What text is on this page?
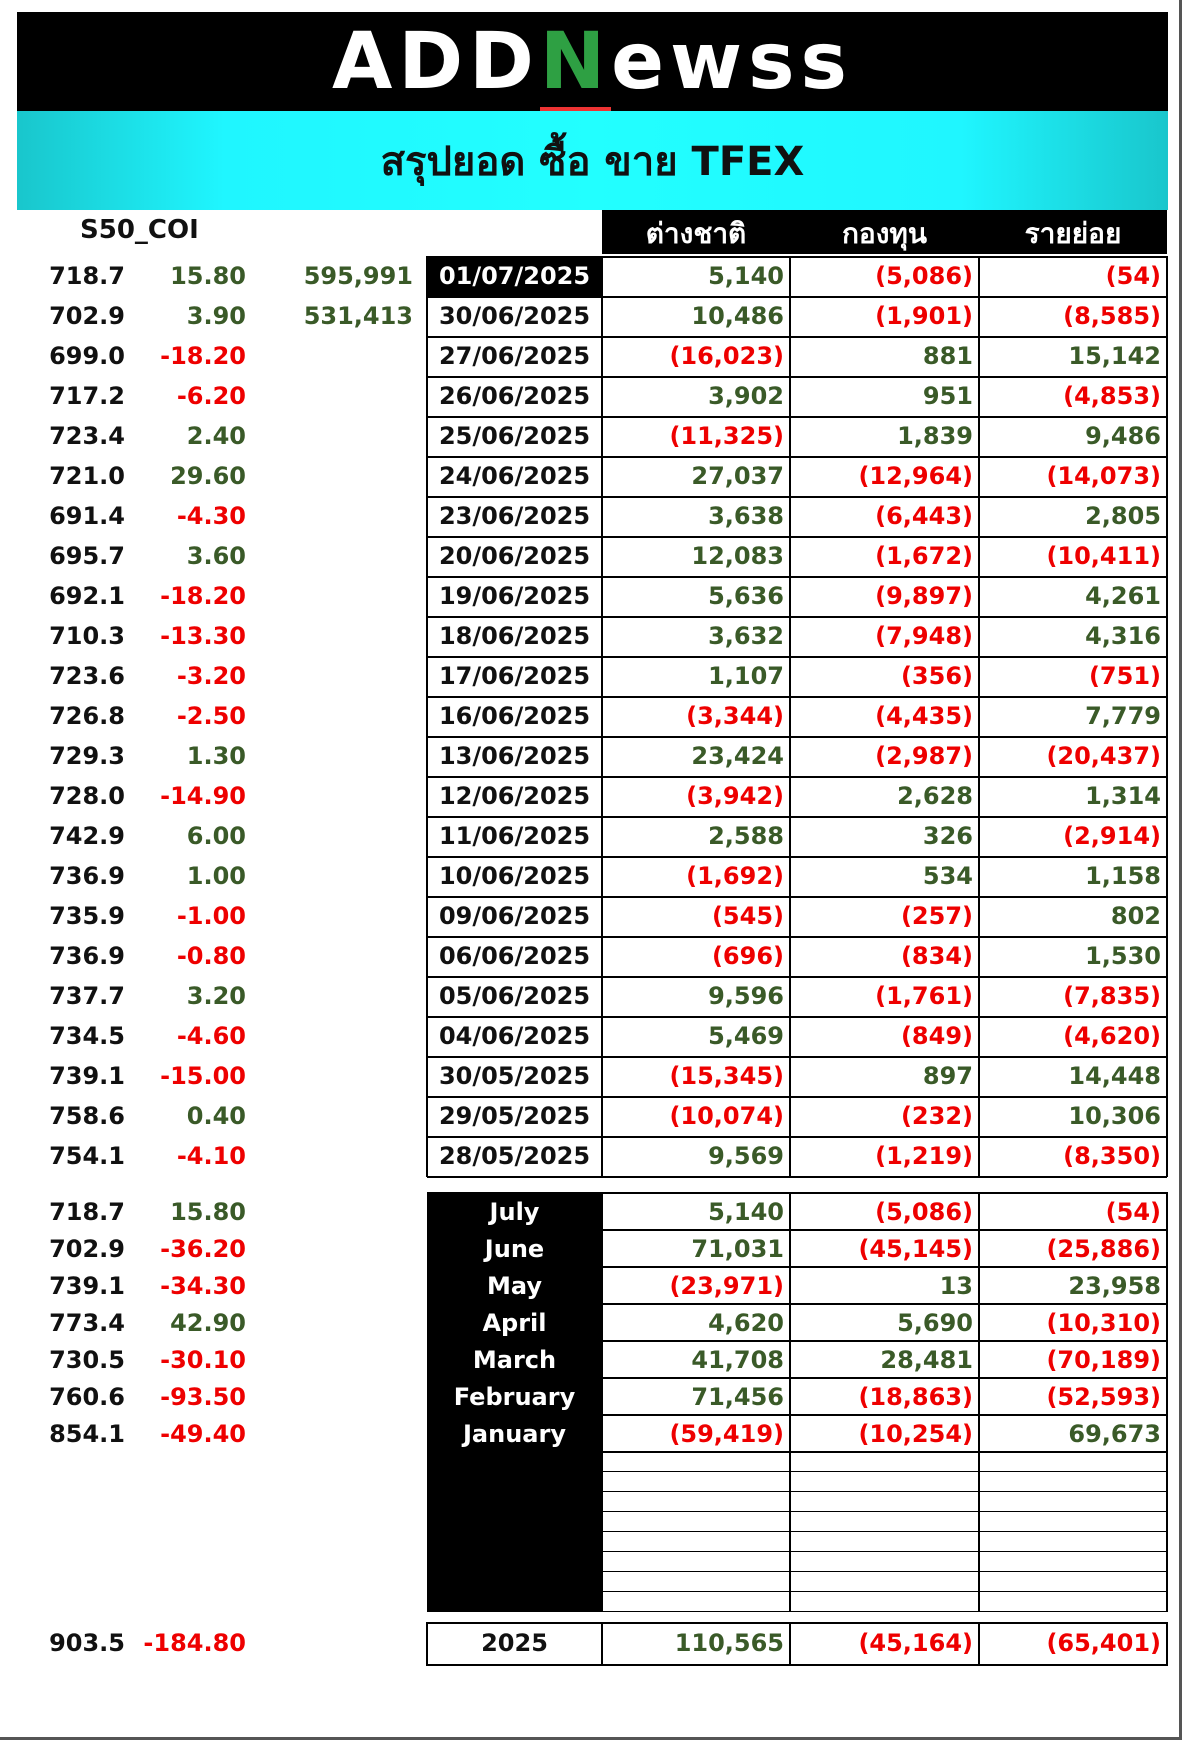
ADDNewss
สรุปยอด ซื้อ ขาย TFEX
S50_COI	ต่างชาติ	กองทุน	รายย่อย
718.7	15.80	595,991	01/07/2025	5,140	(5,086)	(54)
702.9	3.90	531,413	30/06/2025	10,486	(1,901)	(8,585)
699.0	-18.20	27/06/2025	(16,023)	881	15,142
717.2	-6.20	26/06/2025	3,902	951	(4,853)
723.4	2.40	25/06/2025	(11,325)	1,839	9,486
721.0	29.60	24/06/2025	27,037	(12,964)	(14,073)
691.4	-4.30	23/06/2025	3,638	(6,443)	2,805
695.7	3.60	20/06/2025	12,083	(1,672)	(10,411)
692.1	-18.20	19/06/2025	5,636	(9,897)	4,261
710.3	-13.30	18/06/2025	3,632	(7,948)	4,316
723.6	-3.20	17/06/2025	1,107	(356)	(751)
726.8	-2.50	16/06/2025	(3,344)	(4,435)	7,779
729.3	1.30	13/06/2025	23,424	(2,987)	(20,437)
728.0	-14.90	12/06/2025	(3,942)	2,628	1,314
742.9	6.00	11/06/2025	2,588	326	(2,914)
736.9	1.00	10/06/2025	(1,692)	534	1,158
735.9	-1.00	09/06/2025	(545)	(257)	802
736.9	-0.80	06/06/2025	(696)	(834)	1,530
737.7	3.20	05/06/2025	9,596	(1,761)	(7,835)
734.5	-4.60	04/06/2025	5,469	(849)	(4,620)
739.1	-15.00	30/05/2025	(15,345)	897	14,448
758.6	0.40	29/05/2025	(10,074)	(232)	10,306
754.1	-4.10	28/05/2025	9,569	(1,219)	(8,350)
718.7	15.80	July	5,140	(5,086)	(54)
702.9	-36.20	June	71,031	(45,145)	(25,886)
739.1	-34.30	May	(23,971)	13	23,958
773.4	42.90	April	4,620	5,690	(10,310)
730.5	-30.10	March	41,708	28,481	(70,189)
760.6	-93.50	February	71,456	(18,863)	(52,593)
854.1	-49.40	January	(59,419)	(10,254)	69,673
903.5 -184.80	2025	110,565	(45,164)	(65,401)
